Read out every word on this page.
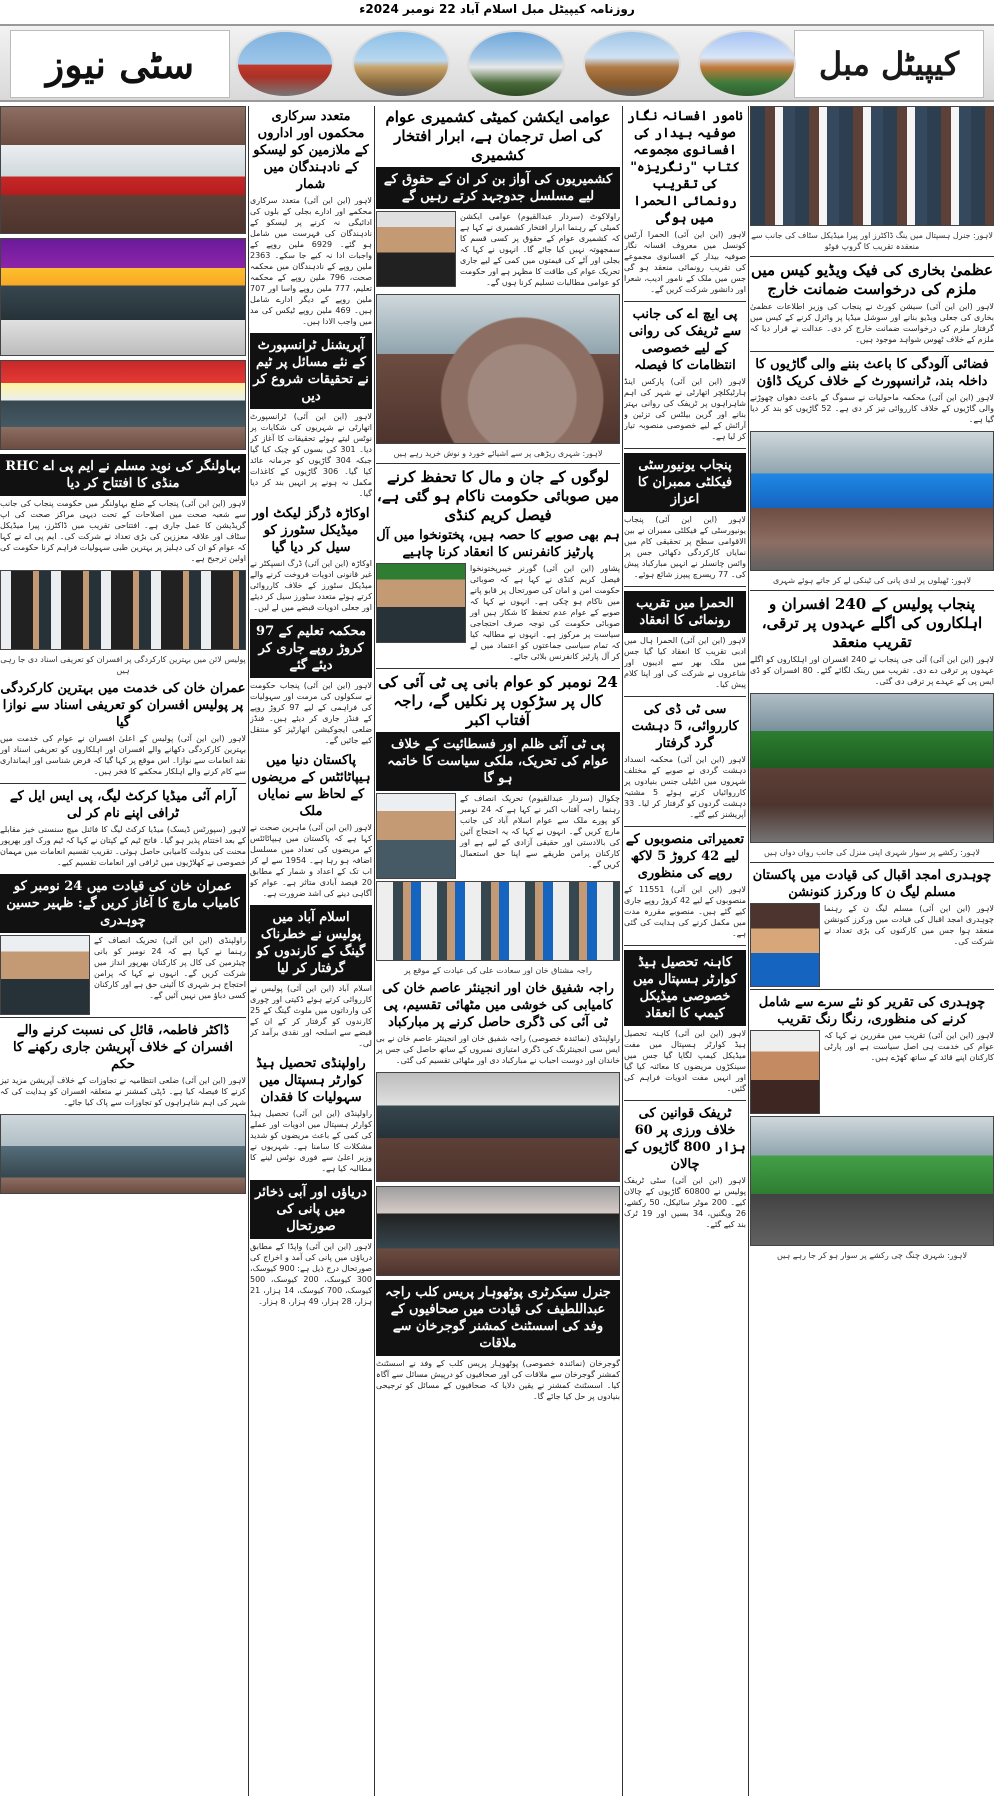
روزنامہ کیپیٹل مبل اسلام آباد 22 نومبر 2024ء
کیپیٹل مبل
سٹی نیوز
لاہور: جنرل ہسپتال میں ینگ ڈاکٹرز اور پیرا میڈیکل سٹاف کی جانب سے منعقدہ تقریب کا گروپ فوٹو
عظمیٰ بخاری کی فیک ویڈیو کیس میں ملزم کی درخواست ضمانت خارج
لاہور (این این آئی) سیشن کورٹ نے پنجاب کی وزیر اطلاعات عظمیٰ بخاری کی جعلی ویڈیو بنانے اور سوشل میڈیا پر وائرل کرنے کے کیس میں گرفتار ملزم کی درخواست ضمانت خارج کر دی۔ عدالت نے قرار دیا کہ ملزم کے خلاف ٹھوس شواہد موجود ہیں۔
فضائی آلودگی کا باعث بننے والی گاڑیوں کا داخلہ بند، ٹرانسپورٹ کے خلاف کریک ڈاؤن
لاہور (این این آئی) محکمہ ماحولیات نے سموگ کے باعث دھواں چھوڑنے والی گاڑیوں کے خلاف کارروائی تیز کر دی ہے۔ 52 گاڑیوں کو بند کر دیا گیا ہے۔
لاہور: ٹھیلوں پر لدی پانی کی ٹینکی لے کر جاتے ہوئے شہری
پنجاب پولیس کے 240 افسران و اہلکاروں کی اگلے عہدوں پر ترقی، تقریب منعقد
لاہور (این این آئی) آئی جی پنجاب نے 240 افسران اور اہلکاروں کو اگلے عہدوں پر ترقی دے دی۔ تقریب میں رینک لگائے گئے۔ 80 افسران کو ڈی ایس پی کے عہدے پر ترقی دی گئی۔
لاہور: رکشے پر سوار شہری اپنی منزل کی جانب رواں دواں ہیں
چوہدری امجد اقبال کی قیادت میں پاکستان مسلم لیگ ن کا ورکرز کنونشن
لاہور (این این آئی) مسلم لیگ ن کے رہنما چوہدری امجد اقبال کی قیادت میں ورکرز کنونشن منعقد ہوا جس میں کارکنوں کی بڑی تعداد نے شرکت کی۔
چوہدری کی تقریر کو نئے سرے سے شامل کرنے کی منظوری، رنگا رنگ تقریب
لاہور (این این آئی) تقریب میں مقررین نے کہا کہ عوام کی خدمت ہی اصل سیاست ہے اور پارٹی کارکنان اپنے قائد کے ساتھ کھڑے ہیں۔
لاہور: شہری چنگ چی رکشے پر سوار ہو کر جا رہے ہیں
نامور افسانہ نگار صوفیہ بیدار کی افسانوی مجموعہ کتاب "رنگریزہ" کی تقریب رونمائی الحمرا میں ہوگی
لاہور (این این آئی) الحمرا آرٹس کونسل میں معروف افسانہ نگار صوفیہ بیدار کے افسانوی مجموعے کی تقریب رونمائی منعقد ہو گی جس میں ملک کے نامور ادیب، شعرا اور دانشور شرکت کریں گے۔
پی ایچ اے کی جانب سے ٹریفک کی روانی کے لیے خصوصی انتظامات کا فیصلہ
لاہور (این این آئی) پارکس اینڈ ہارٹیکلچر اتھارٹی نے شہر کی اہم شاہراہوں پر ٹریفک کی روانی بہتر بنانے اور گرین بیلٹس کی تزئین و آرائش کے لیے خصوصی منصوبہ تیار کر لیا ہے۔
پنجاب یونیورسٹی فیکلٹی ممبران کا اعزاز
لاہور (این این آئی) پنجاب یونیورسٹی کے فیکلٹی ممبران نے بین الاقوامی سطح پر تحقیقی کام میں نمایاں کارکردگی دکھائی جس پر وائس چانسلر نے انہیں مبارکباد پیش کی۔ 77 ریسرچ پیپرز شائع ہوئے۔
الحمرا میں تقریب رونمائی کا انعقاد
لاہور (این این آئی) الحمرا ہال میں ادبی تقریب کا انعقاد کیا گیا جس میں ملک بھر سے ادیبوں اور شاعروں نے شرکت کی اور اپنا کلام پیش کیا۔
سی ٹی ڈی کی کارروائی، 5 دہشت گرد گرفتار
لاہور (این این آئی) محکمہ انسداد دہشت گردی نے صوبے کے مختلف شہروں میں انٹیلی جنس بنیادوں پر کارروائیاں کرتے ہوئے 5 مشتبہ دہشت گردوں کو گرفتار کر لیا۔ 33 آپریشنز کیے گئے۔
تعمیراتی منصوبوں کے لیے 42 کروڑ 5 لاکھ روپے کی منظوری
لاہور (این این آئی) 11551 کے منصوبوں کے لیے 42 کروڑ روپے جاری کیے گئے ہیں۔ منصوبے مقررہ مدت میں مکمل کرنے کی ہدایت کی گئی ہے۔
کاہنہ تحصیل ہیڈ کوارٹر ہسپتال میں خصوصی میڈیکل کیمپ کا انعقاد
لاہور (این این آئی) کاہنہ تحصیل ہیڈ کوارٹر ہسپتال میں مفت میڈیکل کیمپ لگایا گیا جس میں سینکڑوں مریضوں کا معائنہ کیا گیا اور انہیں مفت ادویات فراہم کی گئیں۔
ٹریفک قوانین کی خلاف ورزی پر 60 ہزار 800 گاڑیوں کے چالان
لاہور (این این آئی) سٹی ٹریفک پولیس نے 60800 گاڑیوں کے چالان کیے۔ 200 موٹر سائیکل، 50 رکشے، 26 ویگنیں، 34 بسیں اور 19 ٹرک بند کیے گئے۔
عوامی ایکشن کمیٹی کشمیری عوام کی اصل ترجمان ہے، ابرار افتخار کشمیری
کشمیریوں کی آواز بن کر ان کے حقوق کے لیے مسلسل جدوجہد کرتے رہیں گے
راولاکوٹ (سردار عبدالقیوم) عوامی ایکشن کمیٹی کے رہنما ابرار افتخار کشمیری نے کہا ہے کہ کشمیری عوام کے حقوق پر کسی قسم کا سمجھوتہ نہیں کیا جائے گا۔ انہوں نے کہا کہ بجلی اور آٹے کی قیمتوں میں کمی کے لیے جاری تحریک عوام کی طاقت کا مظہر ہے اور حکومت کو عوامی مطالبات تسلیم کرنا ہوں گے۔
لاہور: شہری ریڑھی پر سے اشیائے خورد و نوش خرید رہے ہیں
لوگوں کے جان و مال کا تحفظ کرنے میں صوبائی حکومت ناکام ہو گئی ہے، فیصل کریم کنڈی
ہم بھی صوبے کا حصہ ہیں، پختونخوا میں آل پارٹیز کانفرنس کا انعقاد کرنا چاہیے
پشاور (این این آئی) گورنر خیبرپختونخوا فیصل کریم کنڈی نے کہا ہے کہ صوبائی حکومت امن و امان کی صورتحال پر قابو پانے میں ناکام ہو چکی ہے۔ انہوں نے کہا کہ صوبے کے عوام عدم تحفظ کا شکار ہیں اور صوبائی حکومت کی توجہ صرف احتجاجی سیاست پر مرکوز ہے۔ انہوں نے مطالبہ کیا کہ تمام سیاسی جماعتوں کو اعتماد میں لے کر آل پارٹیز کانفرنس بلائی جائے۔
24 نومبر کو عوام بانی پی ٹی آئی کی کال پر سڑکوں پر نکلیں گے، راجہ آفتاب اکبر
پی ٹی آئی ظلم اور فسطائیت کے خلاف عوام کی تحریک، ملکی سیاست کا خاتمہ ہو گا
چکوال (سردار عبدالقیوم) تحریک انصاف کے رہنما راجہ آفتاب اکبر نے کہا ہے کہ 24 نومبر کو پورے ملک سے عوام اسلام آباد کی جانب مارچ کریں گے۔ انہوں نے کہا کہ یہ احتجاج آئین کی بالادستی اور حقیقی آزادی کے لیے ہے اور کارکنان پرامن طریقے سے اپنا حق استعمال کریں گے۔
راجہ مشتاق خان اور سعادت علی کی عیادت کے موقع پر
راجہ شفیق خان اور انجینئر عاصم خان کی کامیابی کی خوشی میں مٹھائی تقسیم، پی ٹی آئی کی ڈگری حاصل کرنے پر مبارکباد
راولپنڈی (نمائندہ خصوصی) راجہ شفیق خان اور انجینئر عاصم خان نے بی ایس سی انجینئرنگ کی ڈگری امتیازی نمبروں کے ساتھ حاصل کی جس پر خاندان اور دوست احباب نے مبارکباد دی اور مٹھائی تقسیم کی گئی۔
جنرل سیکرٹری پوٹھوہار پریس کلب راجہ عبداللطیف کی قیادت میں صحافیوں کے وفد کی اسسٹنٹ کمشنر گوجرخان سے ملاقات
گوجرخان (نمائندہ خصوصی) پوٹھوہار پریس کلب کے وفد نے اسسٹنٹ کمشنر گوجرخان سے ملاقات کی اور صحافیوں کو درپیش مسائل سے آگاہ کیا۔ اسسٹنٹ کمشنر نے یقین دلایا کہ صحافیوں کے مسائل کو ترجیحی بنیادوں پر حل کیا جائے گا۔
متعدد سرکاری محکموں اور اداروں کے ملازمین کو لیسکو کے نادہندگان میں شمار
لاہور (این این آئی) متعدد سرکاری محکمے اور ادارے بجلی کے بلوں کی ادائیگی نہ کرنے پر لیسکو کے نادہندگان کی فہرست میں شامل ہو گئے۔ 6929 ملین روپے کے واجبات ادا نہ کیے جا سکے۔ 2363 ملین روپے کے نادہندگان میں محکمہ صحت، 796 ملین روپے کے محکمہ تعلیم، 777 ملین روپے واسا اور 707 ملین روپے کے دیگر ادارے شامل ہیں۔ 469 ملین روپے ٹیکس کی مد میں واجب الادا ہیں۔
آپریشنل ٹرانسپورٹ کے نئے مسائل پر ٹیم نے تحقیقات شروع کر دیں
لاہور (این این آئی) ٹرانسپورٹ اتھارٹی نے شہریوں کی شکایات پر نوٹس لیتے ہوئے تحقیقات کا آغاز کر دیا۔ 301 کی بسوں کو چیک کیا گیا جبکہ 304 گاڑیوں کو جرمانہ عائد کیا گیا۔ 306 گاڑیوں کے کاغذات مکمل نہ ہونے پر انہیں بند کر دیا گیا۔
اوکاڑہ ڈرگز لیکٹ اور میڈیکل سٹورز کو سیل کر دیا گیا
اوکاڑہ (این این آئی) ڈرگ انسپکٹر نے غیر قانونی ادویات فروخت کرنے والے میڈیکل سٹورز کے خلاف کارروائی کرتے ہوئے متعدد سٹورز سیل کر دیئے اور جعلی ادویات قبضے میں لے لیں۔
محکمہ تعلیم کے 97 کروڑ روپے جاری کر دیئے گئے
لاہور (این این آئی) پنجاب حکومت نے سکولوں کی مرمت اور سہولیات کی فراہمی کے لیے 97 کروڑ روپے کے فنڈز جاری کر دیئے ہیں۔ فنڈز ضلعی ایجوکیشن اتھارٹیز کو منتقل کیے جائیں گے۔
پاکستان دنیا میں ہیپاٹائٹس کے مریضوں کے لحاظ سے نمایاں ملک
لاہور (این این آئی) ماہرین صحت نے کہا ہے کہ پاکستان میں ہیپاٹائٹس کے مریضوں کی تعداد میں مسلسل اضافہ ہو رہا ہے۔ 1954 سے لے کر اب تک کے اعداد و شمار کے مطابق 20 فیصد آبادی متاثر ہے۔ عوام کو آگاہی دینے کی اشد ضرورت ہے۔
اسلام آباد میں پولیس نے خطرناک گینگ کے کارندوں کو گرفتار کر لیا
اسلام آباد (این این آئی) پولیس نے کارروائی کرتے ہوئے ڈکیتی اور چوری کی وارداتوں میں ملوث گینگ کے 25 کارندوں کو گرفتار کر کے ان کے قبضے سے اسلحہ اور نقدی برآمد کر لی۔
راولپنڈی تحصیل ہیڈ کوارٹر ہسپتال میں سہولیات کا فقدان
راولپنڈی (این این آئی) تحصیل ہیڈ کوارٹر ہسپتال میں ادویات اور عملے کی کمی کے باعث مریضوں کو شدید مشکلات کا سامنا ہے۔ شہریوں نے وزیر اعلیٰ سے فوری نوٹس لینے کا مطالبہ کیا ہے۔
دریاؤں اور آبی ذخائر میں پانی کی صورتحال
لاہور (این این آئی) واپڈا کے مطابق دریاؤں میں پانی کی آمد و اخراج کی صورتحال درج ذیل ہے: 900 کیوسک، 300 کیوسک، 200 کیوسک، 500 کیوسک، 700 کیوسک، 14 ہزار، 21 ہزار، 28 ہزار، 49 ہزار، 8 ہزار۔
بہاولنگر کی نوید مسلم نے ایم پی اے RHC منڈی کا افتتاح کر دیا
لاہور (این این آئی) پنجاب کے ضلع بہاولنگر میں حکومت پنجاب کی جانب سے شعبہ صحت میں اصلاحات کے تحت دیہی مراکز صحت کی اپ گریڈیشن کا عمل جاری ہے۔ افتتاحی تقریب میں ڈاکٹرز، پیرا میڈیکل سٹاف اور علاقہ معززین کی بڑی تعداد نے شرکت کی۔ ایم پی اے نے کہا کہ عوام کو ان کی دہلیز پر بہترین طبی سہولیات فراہم کرنا حکومت کی اولین ترجیح ہے۔
پولیس لائن میں بہترین کارکردگی پر افسران کو تعریفی اسناد دی جا رہی ہیں
عمران خان کی خدمت میں بہترین کارکردگی پر پولیس افسران کو تعریفی اسناد سے نوازا گیا
لاہور (این این آئی) پولیس کے اعلیٰ افسران نے عوام کی خدمت میں بہترین کارکردگی دکھانے والے افسران اور اہلکاروں کو تعریفی اسناد اور نقد انعامات سے نوازا۔ اس موقع پر کہا گیا کہ فرض شناسی اور ایمانداری سے کام کرنے والے اہلکار محکمے کا فخر ہیں۔
آرام آئی میڈیا کرکٹ لیگ، پی ایس ایل کے ٹرافی اپنے نام کر لی
لاہور (سپورٹس ڈیسک) میڈیا کرکٹ لیگ کا فائنل میچ سنسنی خیز مقابلے کے بعد اختتام پذیر ہو گیا۔ فاتح ٹیم کے کپتان نے کہا کہ ٹیم ورک اور بھرپور محنت کی بدولت کامیابی حاصل ہوئی۔ تقریب تقسیم انعامات میں مہمان خصوصی نے کھلاڑیوں میں ٹرافی اور انعامات تقسیم کیے۔
عمران خان کی قیادت میں 24 نومبر کو کامیاب مارچ کا آغاز کریں گے: ظہیر حسین چوہدری
راولپنڈی (این این آئی) تحریک انصاف کے رہنما نے کہا ہے کہ 24 نومبر کو بانی چیئرمین کی کال پر کارکنان بھرپور انداز میں شرکت کریں گے۔ انہوں نے کہا کہ پرامن احتجاج ہر شہری کا آئینی حق ہے اور کارکنان کسی دباؤ میں نہیں آئیں گے۔
ڈاکٹر فاطمہ، قائل کی نسبت کرنے والے افسران کے خلاف آپریشن جاری رکھنے کا حکم
لاہور (این این آئی) ضلعی انتظامیہ نے تجاوزات کے خلاف آپریشن مزید تیز کرنے کا فیصلہ کیا ہے۔ ڈپٹی کمشنر نے متعلقہ افسران کو ہدایت کی کہ شہر کی اہم شاہراہوں کو تجاوزات سے پاک کیا جائے۔
